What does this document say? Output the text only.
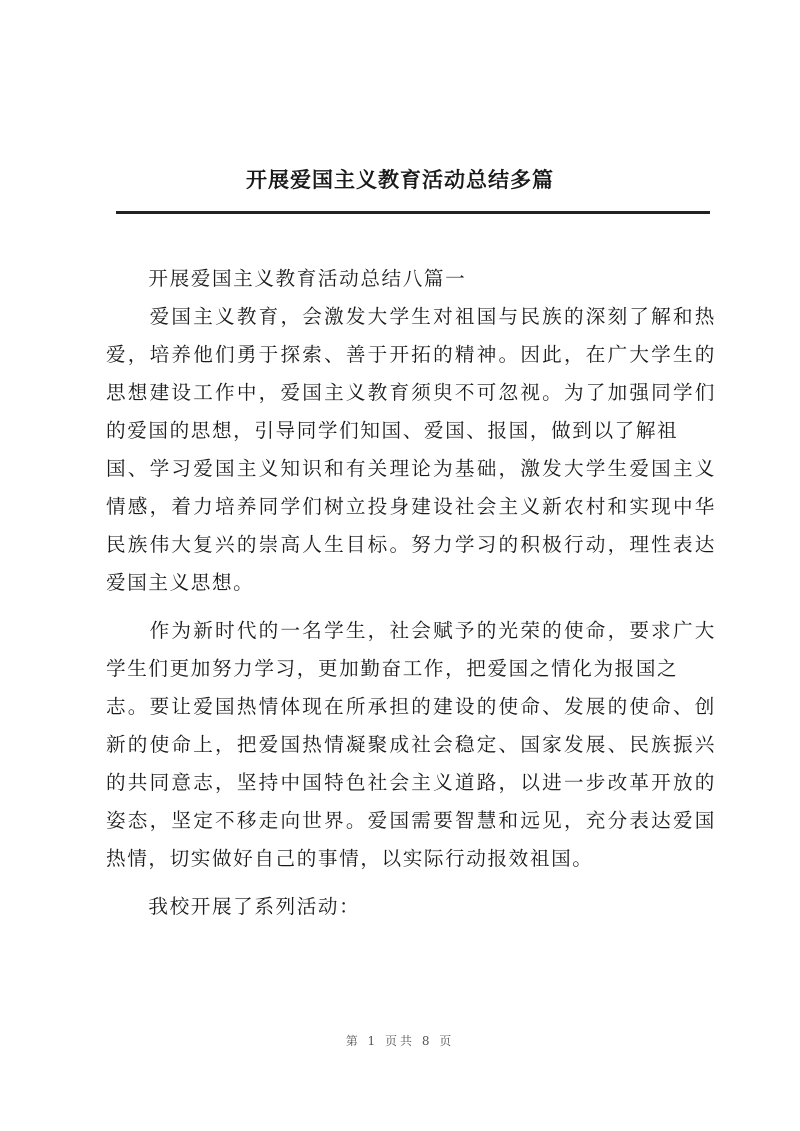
开展爱国主义教育活动总结多篇
　　开展爱国主义教育活动总结八篇一
　　爱国主义教育，会激发大学生对祖国与民族的深刻了解和热
爱，培养他们勇于探索、善于开拓的精神。因此，在广大学生的
思想建设工作中，爱国主义教育须臾不可忽视。为了加强同学们
的爱国的思想，引导同学们知国、爱国、报国，做到以了解祖
国、学习爱国主义知识和有关理论为基础，激发大学生爱国主义
情感，着力培养同学们树立投身建设社会主义新农村和实现中华
民族伟大复兴的崇高人生目标。努力学习的积极行动，理性表达
爱国主义思想。
　　作为新时代的一名学生，社会赋予的光荣的使命，要求广大
学生们更加努力学习，更加勤奋工作，把爱国之情化为报国之
志。要让爱国热情体现在所承担的建设的使命、发展的使命、创
新的使命上，把爱国热情凝聚成社会稳定、国家发展、民族振兴
的共同意志，坚持中国特色社会主义道路，以进一步改革开放的
姿态，坚定不移走向世界。爱国需要智慧和远见，充分表达爱国
热情，切实做好自己的事情，以实际行动报效祖国。
　　我校开展了系列活动：
第 1 页共 8 页
